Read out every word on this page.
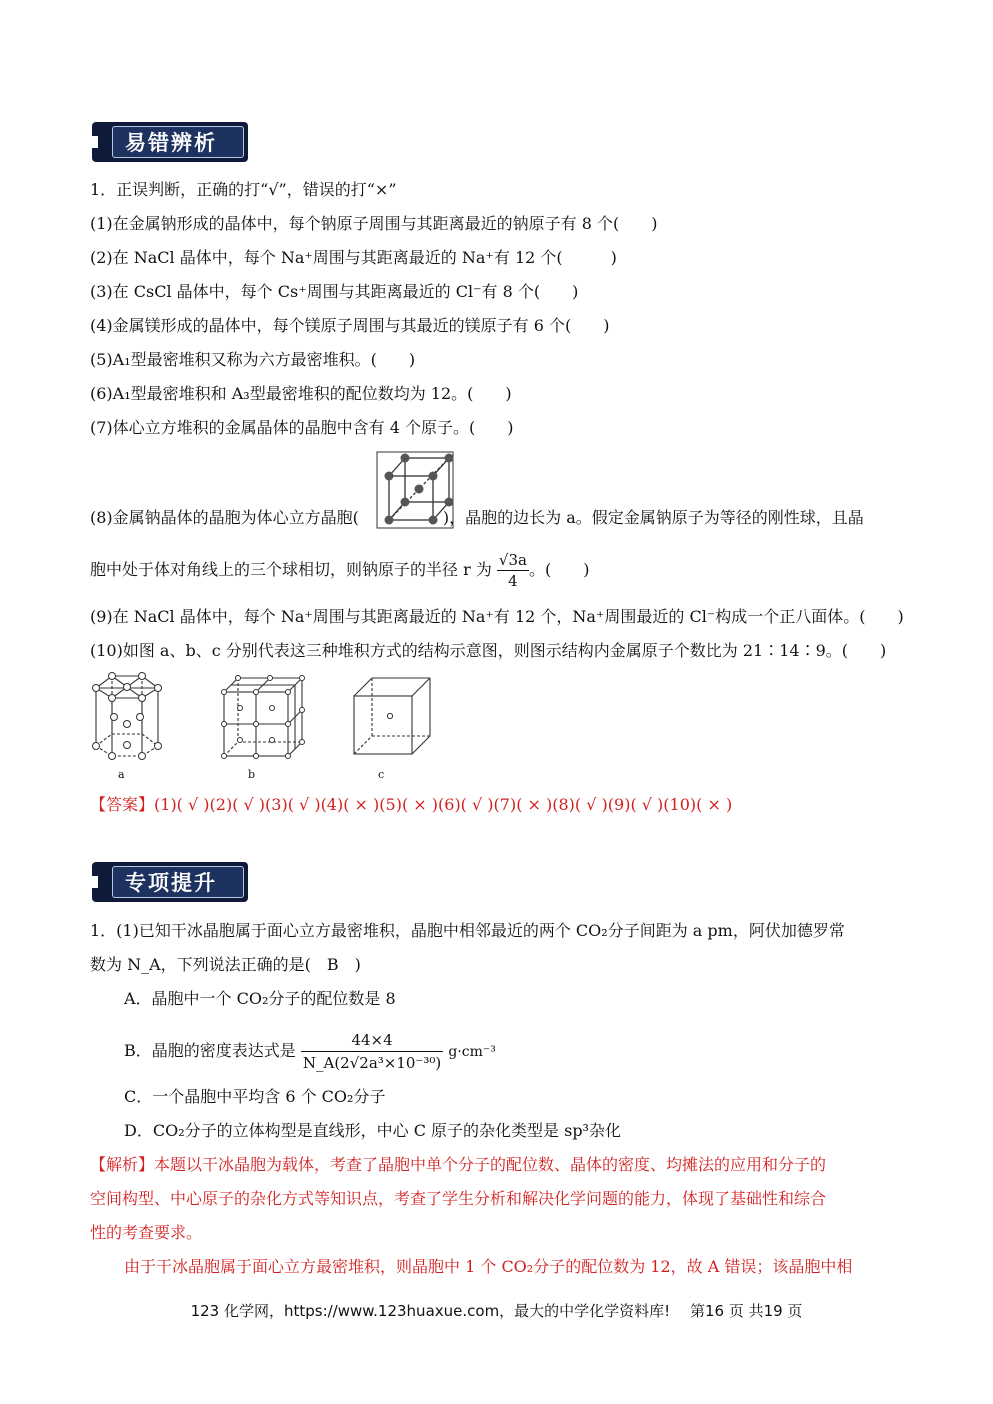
易错辨析
1．正误判断，正确的打“√”，错误的打“×”
(1)在金属钠形成的晶体中，每个钠原子周围与其距离最近的钠原子有 8 个(　　)
(2)在 NaCl 晶体中，每个 Na⁺周围与其距离最近的 Na⁺有 12 个(　　　)
(3)在 CsCl 晶体中，每个 Cs⁺周围与其距离最近的 Cl⁻有 8 个(　　)
(4)金属镁形成的晶体中，每个镁原子周围与其最近的镁原子有 6 个(　　)
(5)A₁型最密堆积又称为六方最密堆积。(　　)
(6)A₁型最密堆积和 A₃型最密堆积的配位数均为 12。(　　)
(7)体心立方堆积的金属晶体的晶胞中含有 4 个原子。(　　)
(8)金属钠晶体的晶胞为体心立方晶胞(	)，晶胞的边长为 a。假定金属钠原子为等径的刚性球，且晶
胞中处于体对角线上的三个球相切，则钠原子的半径 r 为 $\frac{√3a}{4}$ 。(　　)
(9)在 NaCl 晶体中，每个 Na⁺周围与其距离最近的 Na⁺有 12 个，Na⁺周围最近的 Cl⁻构成一个正八面体。(　　)
(10)如图 a、b、c 分别代表这三种堆积方式的结构示意图，则图示结构内金属原子个数比为 21∶14∶9。(　　)
a	b	c
【答案】(1)( √ )(2)( √ )(3)( √ )(4)( × )(5)( × )(6)( √ )(7)( × )(8)( √ )(9)( √ )(10)( × )
专项提升
1．(1)已知干冰晶胞属于面心立方最密堆积，晶胞中相邻最近的两个 CO₂分子间距为 a pm，阿伏加德罗常
数为 N_A，下列说法正确的是(　B　)
A．晶胞中一个 CO₂分子的配位数是 8
B．晶胞的密度表达式是 $\frac{44\times 4}{\text{N\_A(2√2a³×10⁻³⁰)}} g\cdot cm^{-3}$
C．一个晶胞中平均含 6 个 CO₂分子
D．CO₂分子的立体构型是直线形，中心 C 原子的杂化类型是 sp³杂化
【解析】本题以干冰晶胞为载体，考查了晶胞中单个分子的配位数、晶体的密度、均摊法的应用和分子的
空间构型、中心原子的杂化方式等知识点，考查了学生分析和解决化学问题的能力，体现了基础性和综合
性的考查要求。
由于干冰晶胞属于面心立方最密堆积，则晶胞中 1 个 CO₂分子的配位数为 12，故 A 错误；该晶胞中相
123 化学网，https://www.123huaxue.com，最大的中学化学资料库!　 第16 页 共19 页
